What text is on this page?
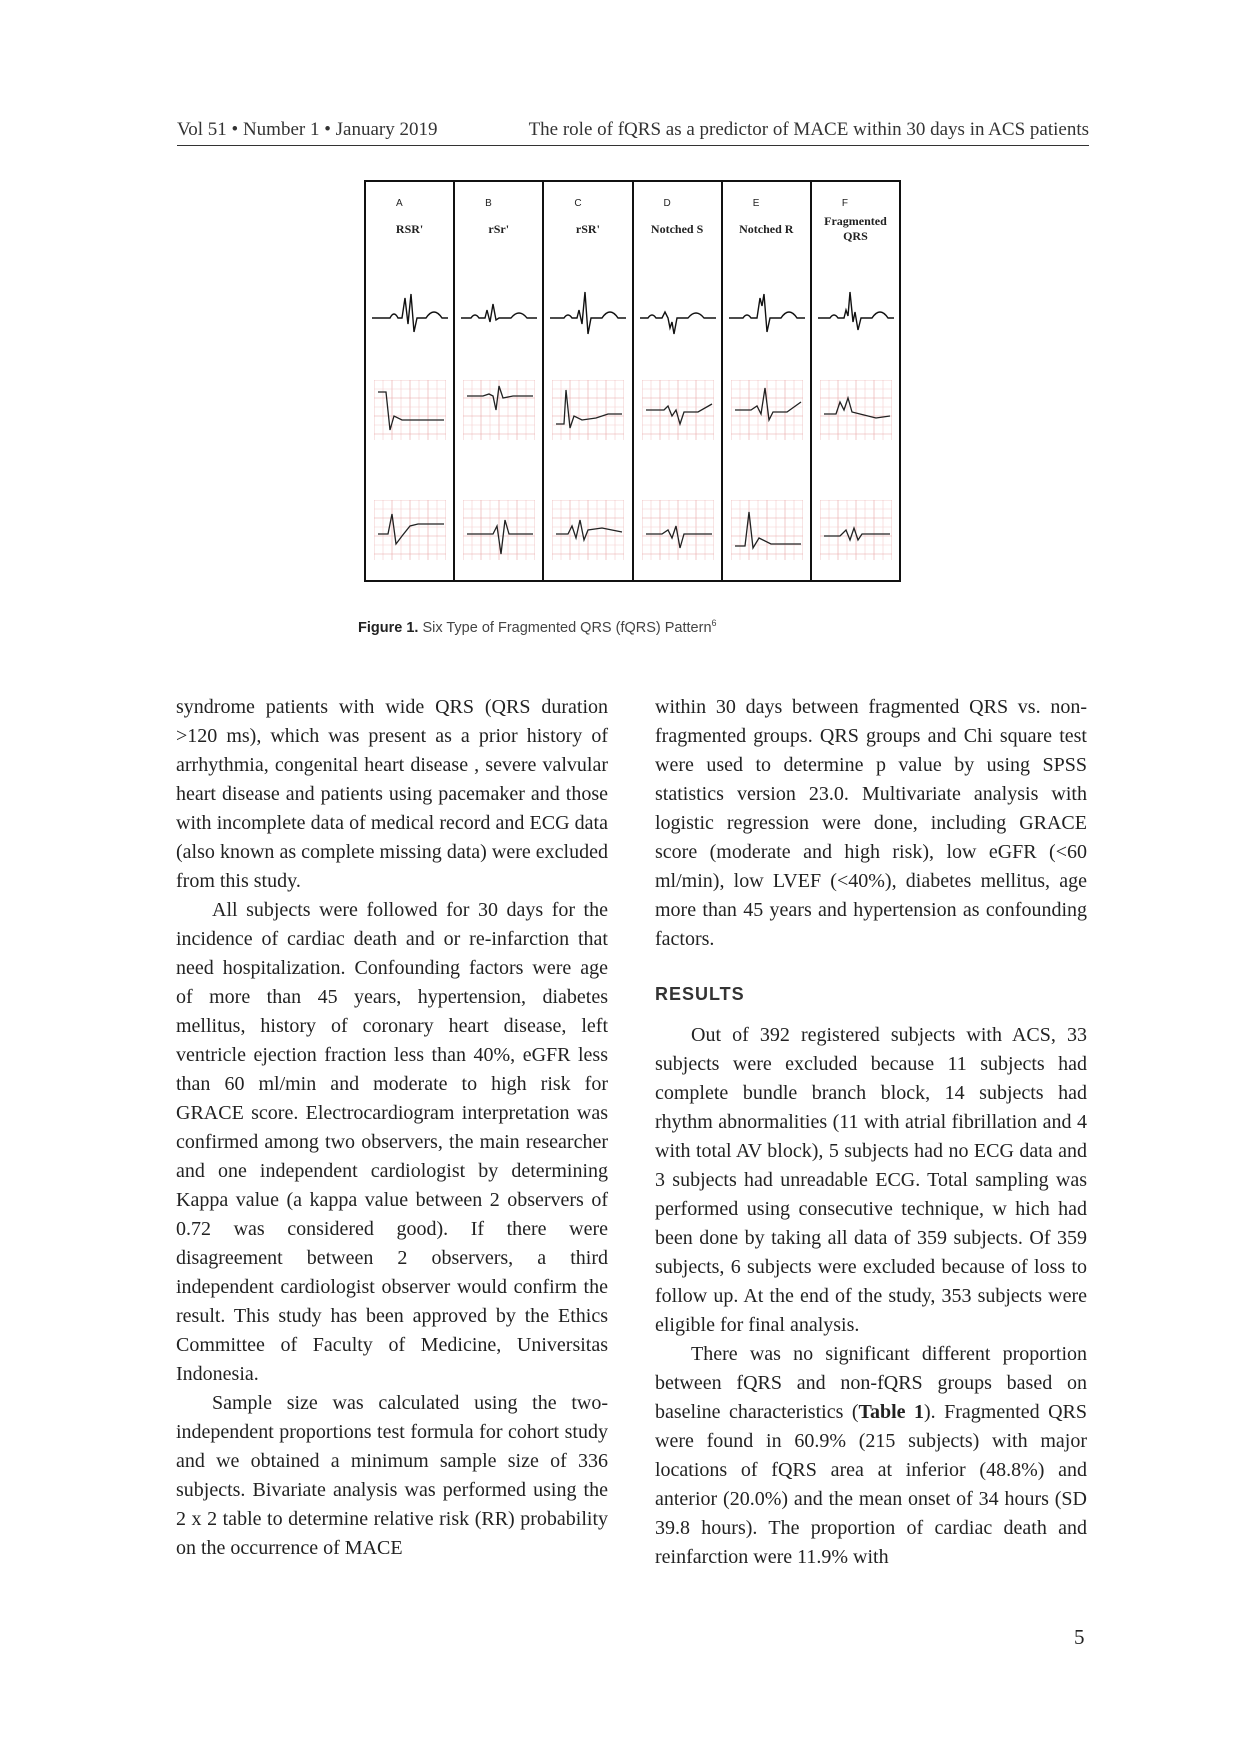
Vol 51 • Number 1 • January 2019	The role of fQRS as a predictor of MACE within 30 days in ACS patients
A
RSR'
B
rSr'
C
rSR'
D
Notched S
E
Notched R
F
Fragmented QRS
Figure 1. Six Type of Fragmented QRS (fQRS) Pattern$^6$

syndrome patients with wide QRS (QRS duration >120 ms), which was present as a prior history of arrhythmia, congenital heart disease , severe valvular heart disease and patients using pacemaker and those with incomplete data of medical record and ECG data (also known as complete missing data) were excluded from this study.

All subjects were followed for 30 days for the incidence of cardiac death and or re-infarction that need hospitalization. Confounding factors were age of more than 45 years, hypertension, diabetes mellitus, history of coronary heart disease, left ventricle ejection fraction less than 40%, eGFR less than 60 ml/min and moderate to high risk for GRACE score. Electrocardiogram interpretation was confirmed among two observers, the main researcher and one independent cardiologist by determining Kappa value (a kappa value between 2 observers of 0.72 was considered good). If there were disagreement between 2 observers, a third independent cardiologist observer would confirm the result. This study has been approved by the Ethics Committee of Faculty of Medicine, Universitas Indonesia.

Sample size was calculated using the two-independent proportions test formula for cohort study and we obtained a minimum sample size of 336 subjects. Bivariate analysis was performed using the 2 x 2 table to determine relative risk (RR) probability on the occurrence of MACE

within 30 days between fragmented QRS vs. non-fragmented groups. QRS groups and Chi square test were used to determine p value by using SPSS statistics version 23.0. Multivariate analysis with logistic regression were done, including GRACE score (moderate and high risk), low eGFR (<60 ml/min), low LVEF (<40%), diabetes mellitus, age more than 45 years and hypertension as confounding factors.

RESULTS

Out of 392 registered subjects with ACS, 33 subjects were excluded because 11 subjects had complete bundle branch block, 14 subjects had rhythm abnormalities (11 with atrial fibrillation and 4 with total AV block), 5 subjects had no ECG data and 3 subjects had unreadable ECG. Total sampling was performed using consecutive technique, w hich had been done by taking all data of 359 subjects. Of 359 subjects, 6 subjects were excluded because of loss to follow up. At the end of the study, 353 subjects were eligible for final analysis.

There was no significant different proportion between fQRS and non-fQRS groups based on baseline characteristics (Table 1). Fragmented QRS were found in 60.9% (215 subjects) with major locations of fQRS area at inferior (48.8%) and anterior (20.0%) and the mean onset of 34 hours (SD 39.8 hours). The proportion of cardiac death and reinfarction were 11.9% with

5
